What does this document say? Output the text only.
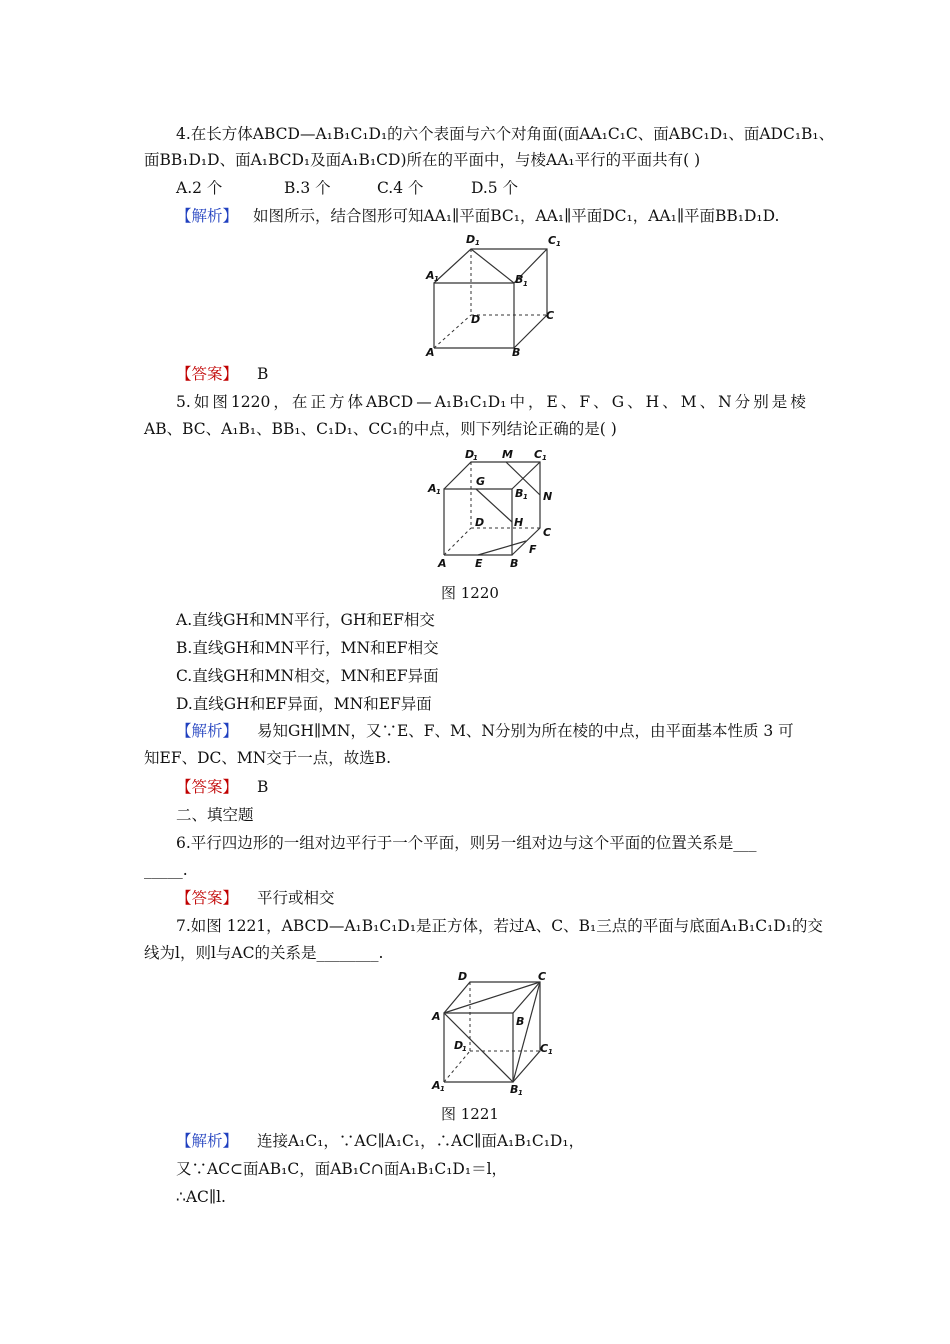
4.在长方体ABCD—A₁B₁C₁D₁的六个表面与六个对角面(面AA₁C₁C、面ABC₁D₁、面ADC₁B₁、
面BB₁D₁D、面A₁BCD₁及面A₁B₁CD)所在的平面中，与棱AA₁平行的平面共有( )
A.2 个	B.3 个	C.4 个	D.5 个
【解析】 如图所示，结合图形可知AA₁∥平面BC₁，AA₁∥平面DC₁，AA₁∥平面BB₁D₁D.
A	B
C
D
A 1	B 1
C 1
D 1
【答案】 B
5. 如 图 1220 ， 在 正 方 体 ABCD — A₁B₁C₁D₁ 中 ， E 、 F 、 G 、 H 、 M 、 N 分 别 是 棱
AB、BC、A₁B₁、BB₁、C₁D₁、CC₁的中点，则下列结论正确的是( )
A	E B
F
C
D	H
G
N
A 1	B 1
C 1
D
1 M
图 1220
A.直线GH和MN平行，GH和EF相交
B.直线GH和MN平行，MN和EF相交
C.直线GH和MN相交，MN和EF异面
D.直线GH和EF异面，MN和EF异面
【解析】 易知GH∥MN，又∵E、F、M、N分别为所在棱的中点，由平面基本性质 3 可
知EF、DC、MN交于一点，故选B.
【答案】 B
二、填空题
6.平行四边形的一组对边平行于一个平面，则另一组对边与这个平面的位置关系是___
_____.
【答案】 平行或相交
7.如图 1221，ABCD—A₁B₁C₁D₁是正方体，若过A、C、B₁三点的平面与底面A₁B₁C₁D₁的交
线为l，则l与AC的关系是________.
D	C
A	B
D
1	C 1
A 1	B 1
图 1221
【解析】 连接A₁C₁，∵AC∥A₁C₁，∴AC∥面A₁B₁C₁D₁，
又∵AC⊂面AB₁C，面AB₁C∩面A₁B₁C₁D₁＝l，
∴AC∥l.
